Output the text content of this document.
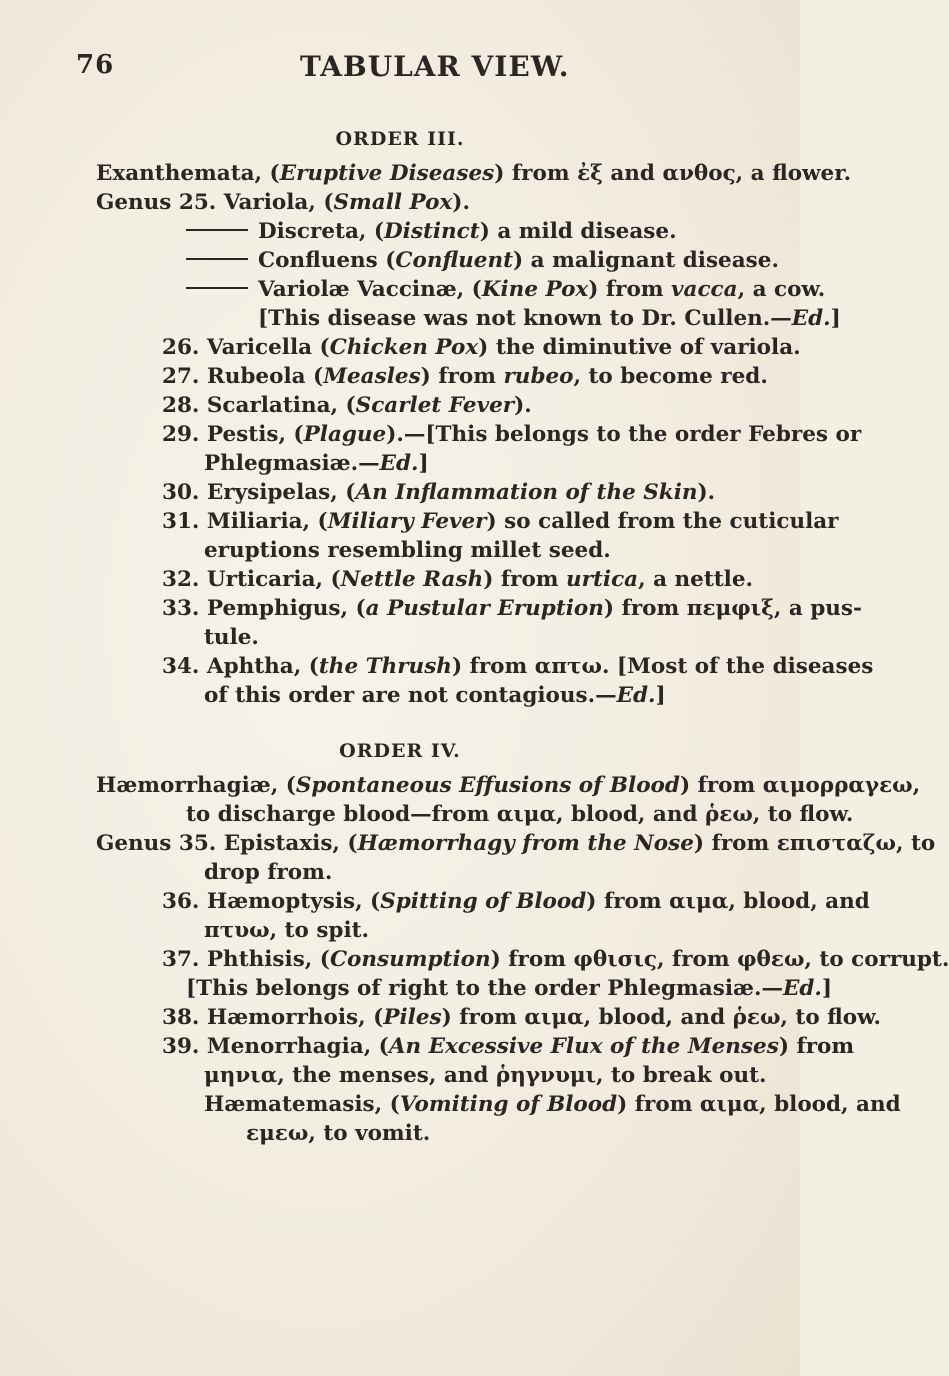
76	TABULAR VIEW.
ORDER III.
Exanthemata, (Eruptive Diseases) from ἐξ and ανθος, a flower.
Genus 25. Variola, (Small Pox).
Discreta, (Distinct) a mild disease.
Confluens (Confluent) a malignant disease.
Variolæ Vaccinæ, (Kine Pox) from vacca, a cow.
[This disease was not known to Dr. Cullen.—Ed.]
26. Varicella (Chicken Pox) the diminutive of variola.
27. Rubeola (Measles) from rubeo, to become red.
28. Scarlatina, (Scarlet Fever).
29. Pestis, (Plague).—[This belongs to the order Febres or
Phlegmasiæ.—Ed.]
30. Erysipelas, (An Inflammation of the Skin).
31. Miliaria, (Miliary Fever) so called from the cuticular
eruptions resembling millet seed.
32. Urticaria, (Nettle Rash) from urtica, a nettle.
33. Pemphigus, (a Pustular Eruption) from πεμφιξ, a pus-
tule.
34. Aphtha, (the Thrush) from απτω. [Most of the diseases
of this order are not contagious.—Ed.]
ORDER IV.
Hæmorrhagiæ, (Spontaneous Effusions of Blood) from αιμορραγεω,
to discharge blood—from αιμα, blood, and ῥεω, to flow.
Genus 35. Epistaxis, (Hæmorrhagy from the Nose) from επισταζω, to
drop from.
36. Hæmoptysis, (Spitting of Blood) from αιμα, blood, and
πτυω, to spit.
37. Phthisis, (Consumption) from φθισις, from φθεω, to corrupt.
[This belongs of right to the order Phlegmasiæ.—Ed.]
38. Hæmorrhois, (Piles) from αιμα, blood, and ῥεω, to flow.
39. Menorrhagia, (An Excessive Flux of the Menses) from
μηνια, the menses, and ῥηγνυμι, to break out.
Hæmatemasis, (Vomiting of Blood) from αιμα, blood, and
εμεω, to vomit.
